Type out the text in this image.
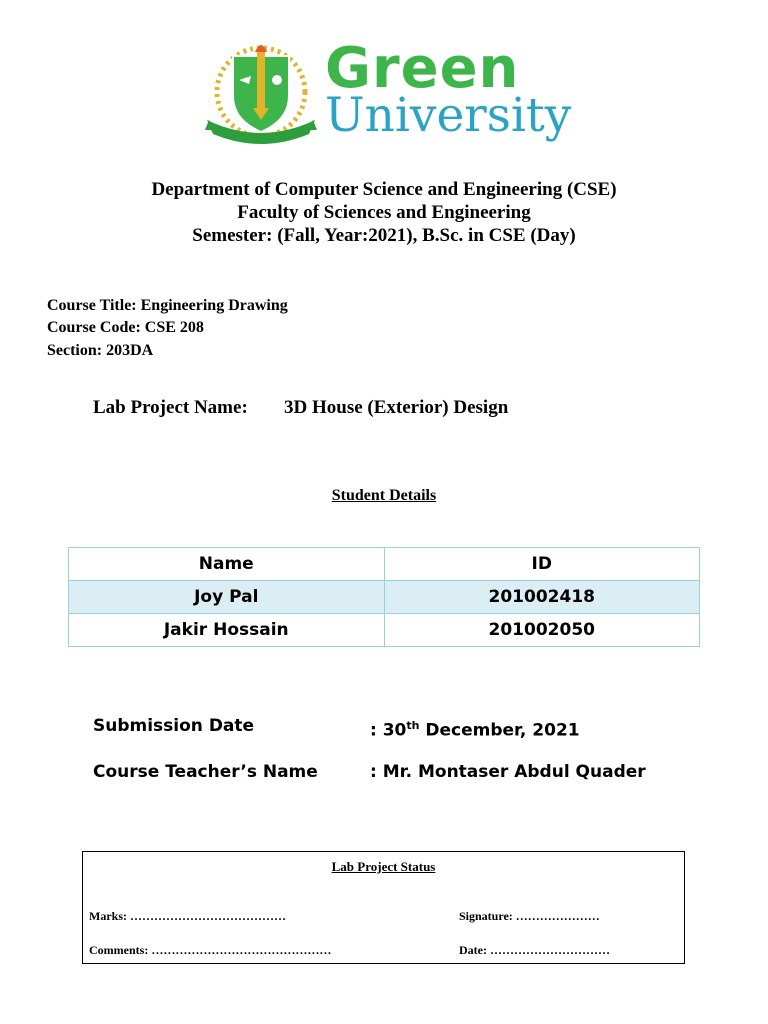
Green
University
Department of Computer Science and Engineering (CSE)
Faculty of Sciences and Engineering
Semester: (Fall, Year:2021), B.Sc. in CSE (Day)
Course Title: Engineering Drawing
Course Code: CSE 208
Section: 203DA
Lab Project Name: 3D House (Exterior) Design
Student Details
Name	ID
Joy Pal	201002418
Jakir Hossain	201002050
Submission Date	: 30th December, 2021
Course Teacher’s Name	: Mr. Montaser Abdul Quader
Lab Project Status
Marks: …………………………………	Signature: …………………
Comments: ………………………………………	Date: …………………………
